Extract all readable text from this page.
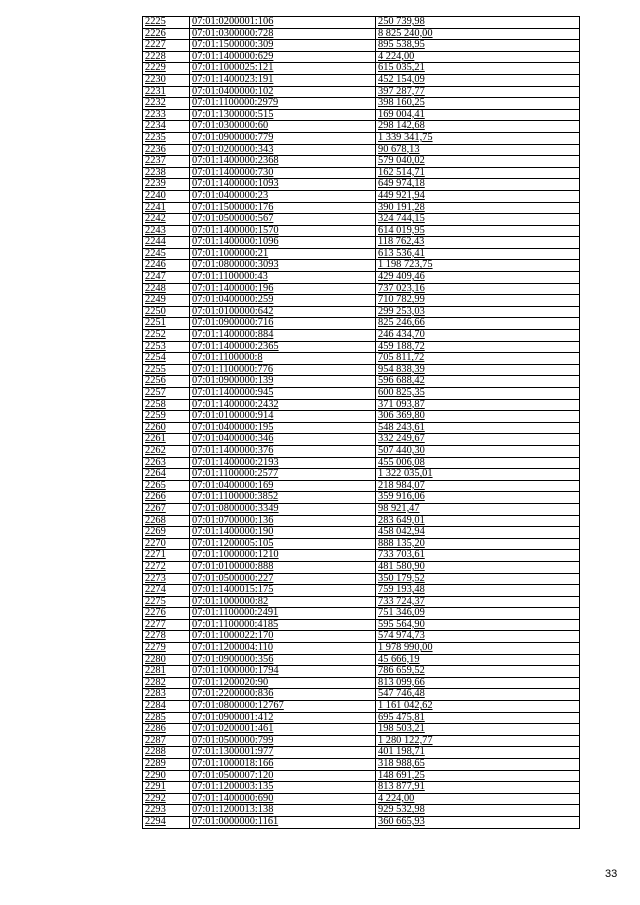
2225	07:01:0200001:106	250 739,98
2226	07:01:0300000:728	8 825 240,00
2227	07:01:1500000:309	895 538,95
2228	07:01:1400000:629	4 224,00
2229	07:01:1000025:121	615 035,21
2230	07:01:1400023:191	452 154,09
2231	07:01:0400000:102	397 287,77
2232	07:01:1100000:2979	398 160,25
2233	07:01:1300000:515	169 004,41
2234	07:01:0300000:60	298 142,68
2235	07:01:0900000:779	1 339 341,75
2236	07:01:0200000:343	90 678,13
2237	07:01:1400000:2368	579 040,02
2238	07:01:1400000:730	162 514,71
2239	07:01:1400000:1093	649 974,18
2240	07:01:0400000:23	449 921,94
2241	07:01:1500000:176	390 191,28
2242	07:01:0500000:567	324 744,15
2243	07:01:1400000:1570	614 019,95
2244	07:01:1400000:1096	118 762,43
2245	07:01:1000000:21	613 536,41
2246	07:01:0800000:3093	1 198 723,75
2247	07:01:1100000:43	429 409,46
2248	07:01:1400000:196	737 023,16
2249	07:01:0400000:259	710 782,99
2250	07:01:0100000:642	299 253,03
2251	07:01:0900000:716	825 246,66
2252	07:01:1400000:884	246 434,70
2253	07:01:1400000:2365	459 188,72
2254	07:01:1100000:8	705 811,72
2255	07:01:1100000:776	954 838,39
2256	07:01:0900000:139	596 688,42
2257	07:01:1400000:945	600 825,35
2258	07:01:1400000:2432	371 093,87
2259	07:01:0100000:914	306 369,80
2260	07:01:0400000:195	548 243,61
2261	07:01:0400000:346	332 249,67
2262	07:01:1400000:376	507 440,30
2263	07:01:1400000:2193	455 006,08
2264	07:01:1100000:2577	1 322 035,01
2265	07:01:0400000:169	218 984,07
2266	07:01:1100000:3852	359 916,06
2267	07:01:0800000:3349	98 921,47
2268	07:01:0700000:136	283 649,01
2269	07:01:1400000:190	458 042,94
2270	07:01:1200005:105	888 135,20
2271	07:01:1000000:1210	733 703,61
2272	07:01:0100000:888	481 580,90
2273	07:01:0500000:227	350 179,52
2274	07:01:1400015:175	759 193,48
2275	07:01:1000000:82	733 724,37
2276	07:01:1100000:2491	751 346,09
2277	07:01:1100000:4185	595 564,90
2278	07:01:1000022:170	574 974,73
2279	07:01:1200004:110	1 978 990,00
2280	07:01:0900000:356	45 666,19
2281	07:01:1000000:1794	786 659,52
2282	07:01:1200020:90	813 099,66
2283	07:01:2200000:836	547 746,48
2284	07:01:0800000:12767	1 161 042,62
2285	07:01:0900001:412	695 475,81
2286	07:01:0200001:461	198 503,21
2287	07:01:0500000:799	1 280 122,77
2288	07:01:1300001:977	401 198,71
2289	07:01:1000018:166	318 988,65
2290	07:01:0500007:120	148 691,25
2291	07:01:1200003:135	813 877,91
2292	07:01:1400000:690	4 224,00
2293	07:01:1200013:138	929 532,98
2294	07:01:0000000:1161	360 665,93
33
